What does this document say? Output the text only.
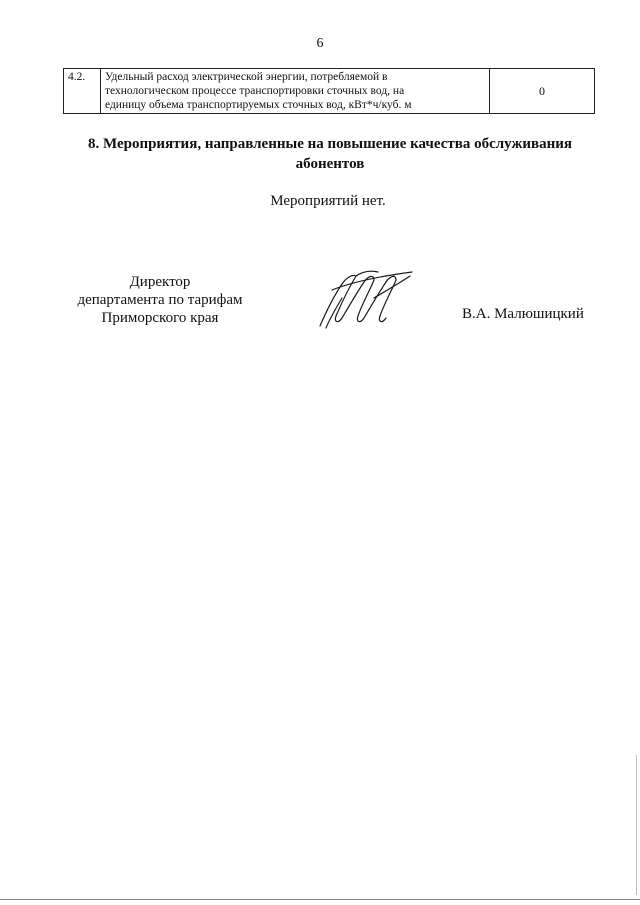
6
4.2.	Удельный расход электрической энергии, потребляемой в
технологическом процессе транспортировки сточных вод, на
единицу объема транспортируемых сточных вод, кВт*ч/куб. м
	0
8. Мероприятия, направленные на повышение качества обслуживания
абонентов
Мероприятий нет.
Директор
департамента по тарифам
Приморского края	В.А. Малюшицкий
